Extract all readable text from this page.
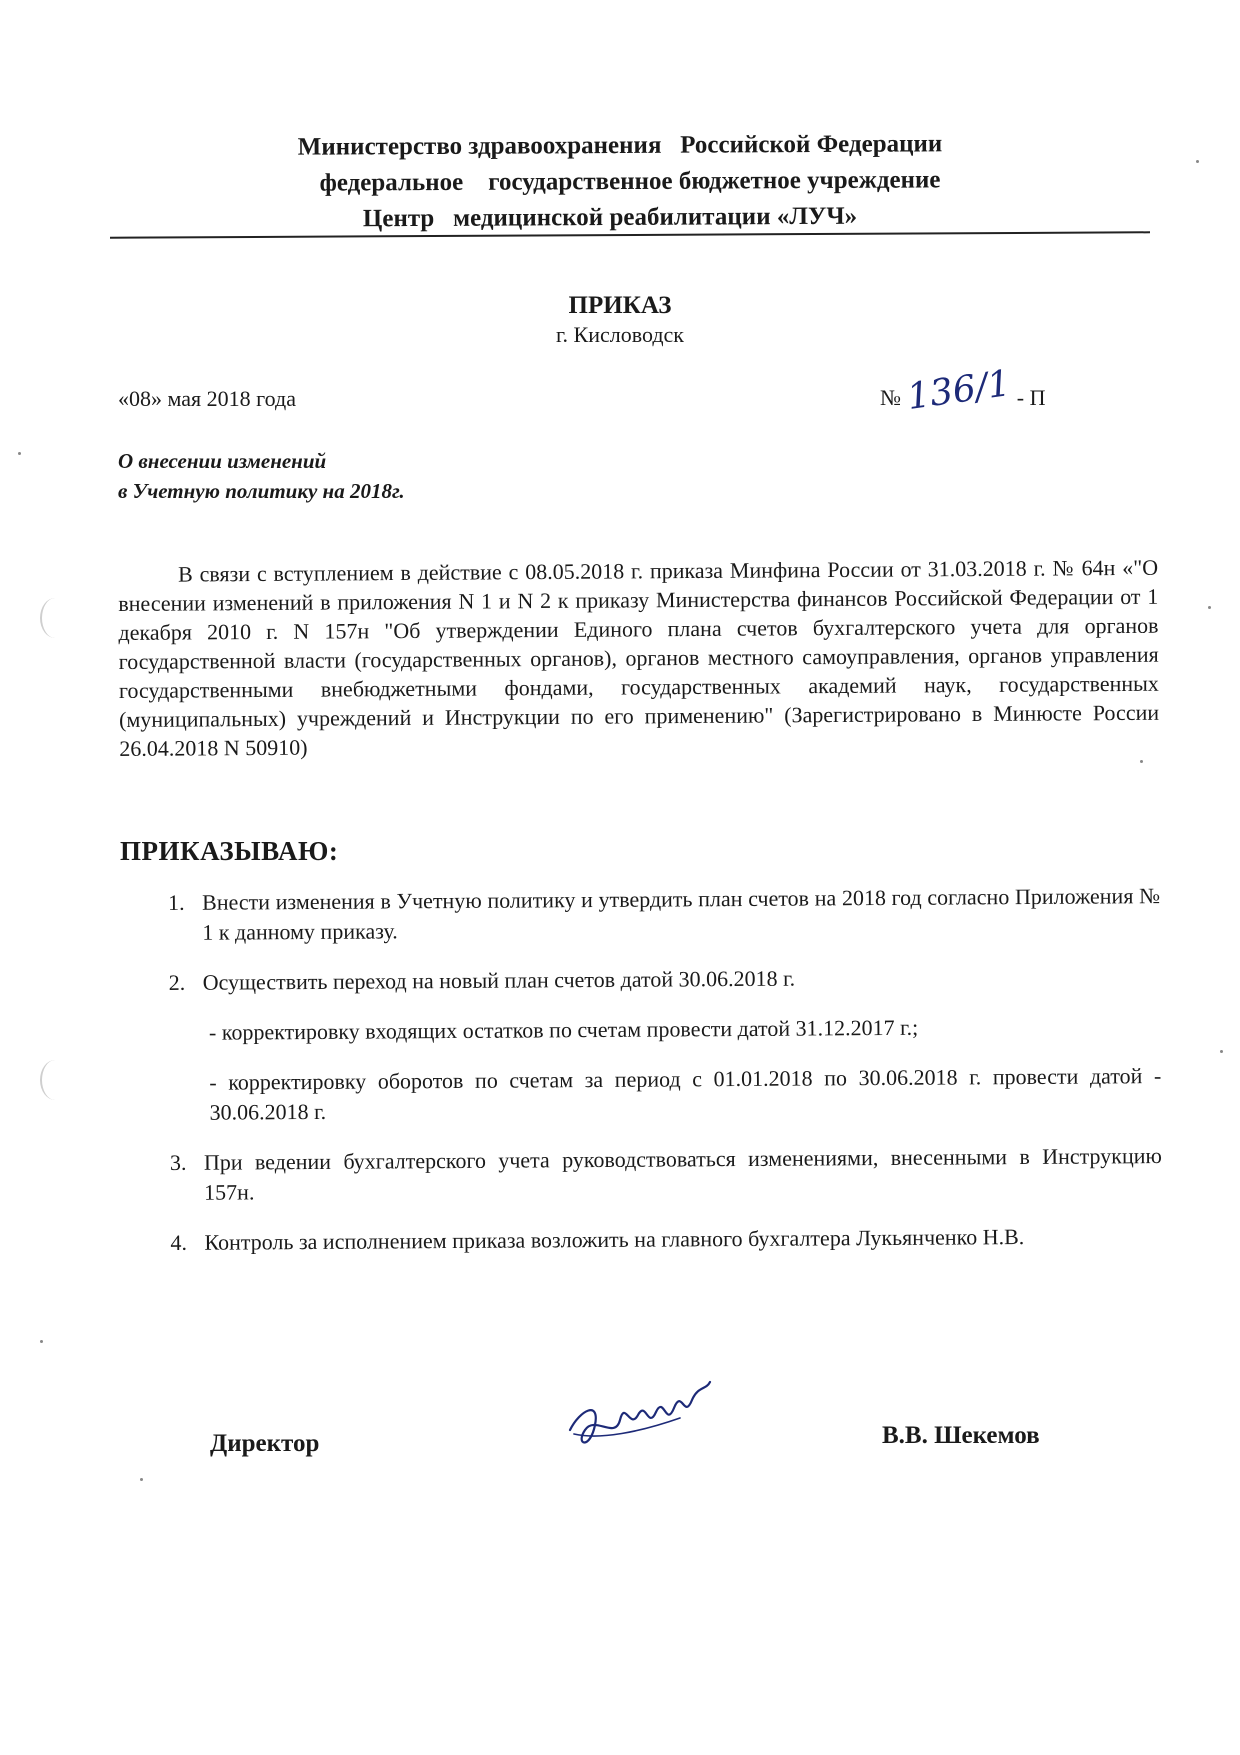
Министерство здравоохранения   Российской Федерации
федеральное    государственное бюджетное учреждение
Центр   медицинской реабилитации «ЛУЧ»
ПРИКАЗ
г. Кисловодск
«08» мая 2018 года	№ 136/1 - П
О внесении изменений
в Учетную политику на 2018г.
В связи с вступлением в действие с 08.05.2018 г. приказа Минфина России от 31.03.2018 г. № 64н «"О внесении изменений в приложения N 1 и N 2 к приказу Министерства финансов Российской Федерации от 1 декабря 2010 г. N 157н "Об утверждении Единого плана счетов бухгалтерского учета для органов государственной власти (государственных органов), органов местного самоуправления, органов управления государственными внебюджетными фондами, государственных академий наук, государственных (муниципальных) учреждений и Инструкции по его применению" (Зарегистрировано в Минюсте России 26.04.2018 N 50910)
ПРИКАЗЫВАЮ:
1. Внести изменения в Учетную политику и утвердить план счетов на 2018 год согласно Приложения № 1 к данному приказу.
2. Осуществить переход на новый план счетов датой 30.06.2018 г.
- корректировку входящих остатков по счетам провести датой 31.12.2017 г.;
- корректировку оборотов по счетам за период с 01.01.2018 по 30.06.2018 г. провести датой - 30.06.2018 г.
3. При ведении бухгалтерского учета руководствоваться изменениями, внесенными в Инструкцию 157н.
4. Контроль за исполнением приказа возложить на главного бухгалтера Лукьянченко Н.В.
Директор	В.В. Шекемов
